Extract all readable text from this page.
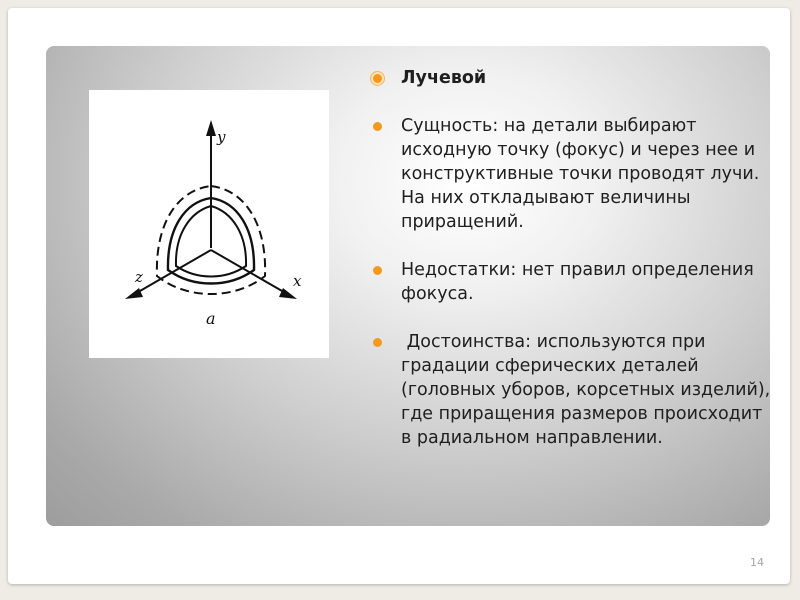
y
z	x
a
Лучевой
Сущность: на детали выбирают исходную точку (фокус) и через нее и конструктивные точки проводят лучи. На них откладывают величины приращений.
Недостатки: нет правил определения фокуса.
Достоинства: используются при градации сферических деталей (головных уборов, корсетных изделий), где приращения размеров происходит в радиальном направлении.
14
